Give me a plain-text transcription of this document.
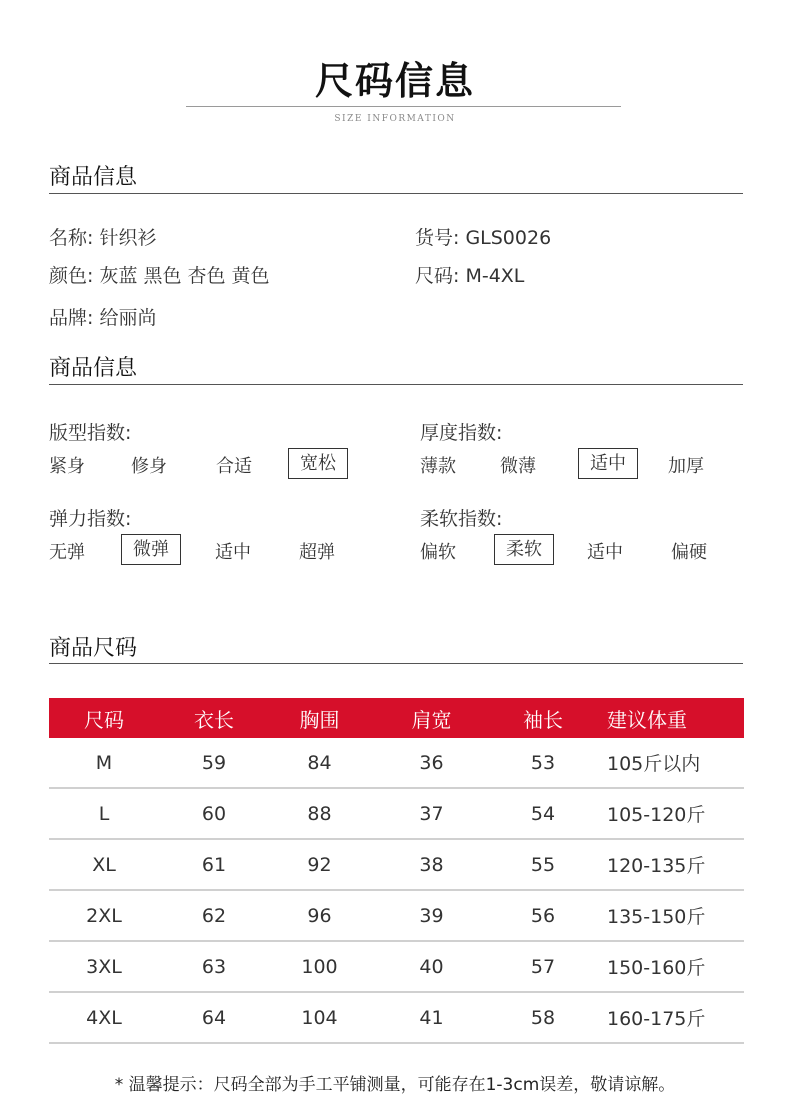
尺码信息
SIZE INFORMATION
商品信息
名称: 针织衫	货号: GLS0026
颜色: 灰蓝 黑色 杏色 黄色	尺码: M-4XL
品牌: 给丽尚
商品信息
版型指数:
紧身	修身	合适	宽松
厚度指数:
薄款 微薄	适中	加厚
弹力指数:
无弹	微弹	适中	超弹
柔软指数:
偏软	柔软	适中	偏硬
商品尺码
尺码	衣长	胸围	肩宽	袖长	建议体重
M	59	84	36	53	105斤以内
L	60	88	37	54	105-120斤
XL	61	92	38	55	120-135斤
2XL	62	96	39	56	135-150斤
3XL	63	100	40	57	150-160斤
4XL	64	104	41	58	160-175斤
* 温馨提示：尺码全部为手工平铺测量，可能存在1-3cm误差，敬请谅解。
